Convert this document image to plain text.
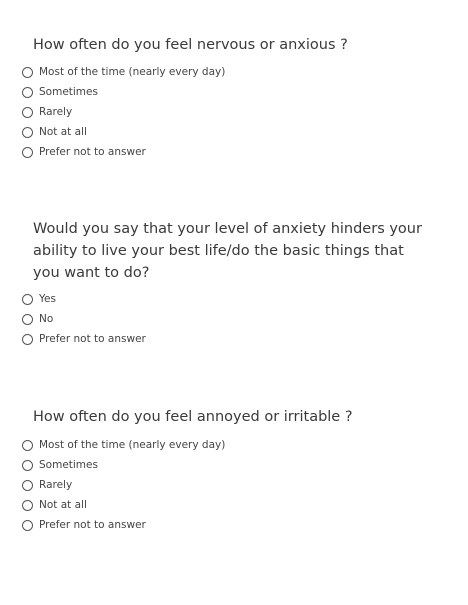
How often do you feel nervous or anxious ?
Most of the time (nearly every day)
Sometimes
Rarely
Not at all
Prefer not to answer
Would you say that your level of anxiety hinders your ability to live your best life/do the basic things that you want to do?
Yes
No
Prefer not to answer
How often do you feel annoyed or irritable ?
Most of the time (nearly every day)
Sometimes
Rarely
Not at all
Prefer not to answer
